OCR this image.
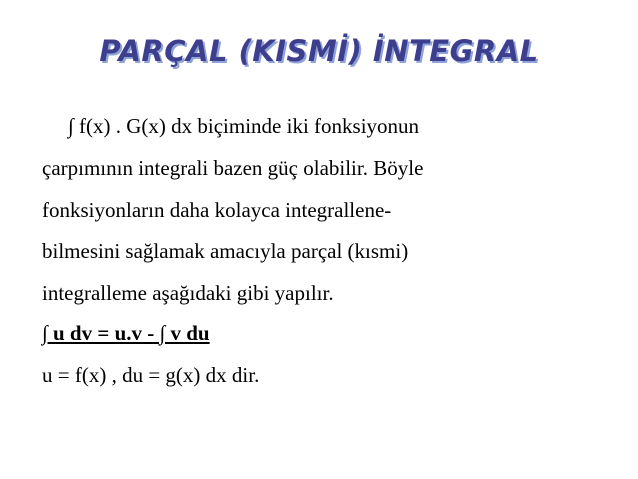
PARÇAL (KISMİ) İNTEGRAL
∫ f(x) . G(x) dx biçiminde iki fonksiyonun
çarpımının integrali bazen güç olabilir. Böyle
fonksiyonların daha kolayca integrallene-
bilmesini sağlamak amacıyla parçal (kısmi)
integralleme aşağıdaki gibi yapılır.
∫ u dv = u.v - ∫ v du
u = f(x) , du = g(x) dx dir.
